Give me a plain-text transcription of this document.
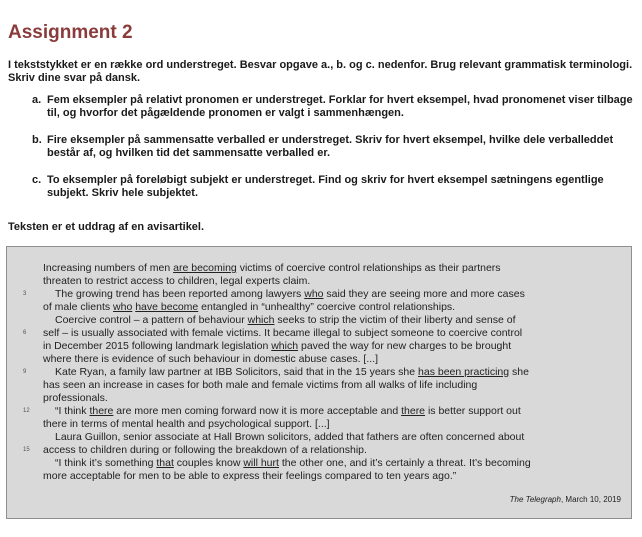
Assignment 2
I tekststykket er en række ord understreget. Besvar opgave a., b. og c. nedenfor. Brug relevant grammatisk terminologi. Skriv dine svar på dansk.
a. Fem eksempler på relativt pronomen er understreget. Forklar for hvert eksempel, hvad pronomenet viser tilbage til, og hvorfor det pågældende pronomen er valgt i sammenhængen.
b. Fire eksempler på sammensatte verballed er understreget. Skriv for hvert eksempel, hvilke dele verballeddet består af, og hvilken tid det sammensatte verballed er.
c. To eksempler på foreløbigt subjekt er understreget. Find og skriv for hvert eksempel sætningens egentlige subjekt. Skriv hele subjektet.
Teksten er et uddrag af en avisartikel.
3
6
9
12
15
Increasing numbers of men are becoming victims of coercive control relationships as their partners
threaten to restrict access to children, legal experts claim.
The growing trend has been reported among lawyers who said they are seeing more and more cases
of male clients who have become entangled in “unhealthy” coercive control relationships.
Coercive control – a pattern of behaviour which seeks to strip the victim of their liberty and sense of
self – is usually associated with female victims. It became illegal to subject someone to coercive control
in December 2015 following landmark legislation which paved the way for new charges to be brought
where there is evidence of such behaviour in domestic abuse cases. [...]
Kate Ryan, a family law partner at IBB Solicitors, said that in the 15 years she has been practicing she
has seen an increase in cases for both male and female victims from all walks of life including
professionals.
“I think there are more men coming forward now it is more acceptable and there is better support out
there in terms of mental health and psychological support. [...]
Laura Guillon, senior associate at Hall Brown solicitors, added that fathers are often concerned about
access to children during or following the breakdown of a relationship.
“I think it’s something that couples know will hurt the other one, and it’s certainly a threat. It’s becoming
more acceptable for men to be able to express their feelings compared to ten years ago.”
The Telegraph, March 10, 2019
